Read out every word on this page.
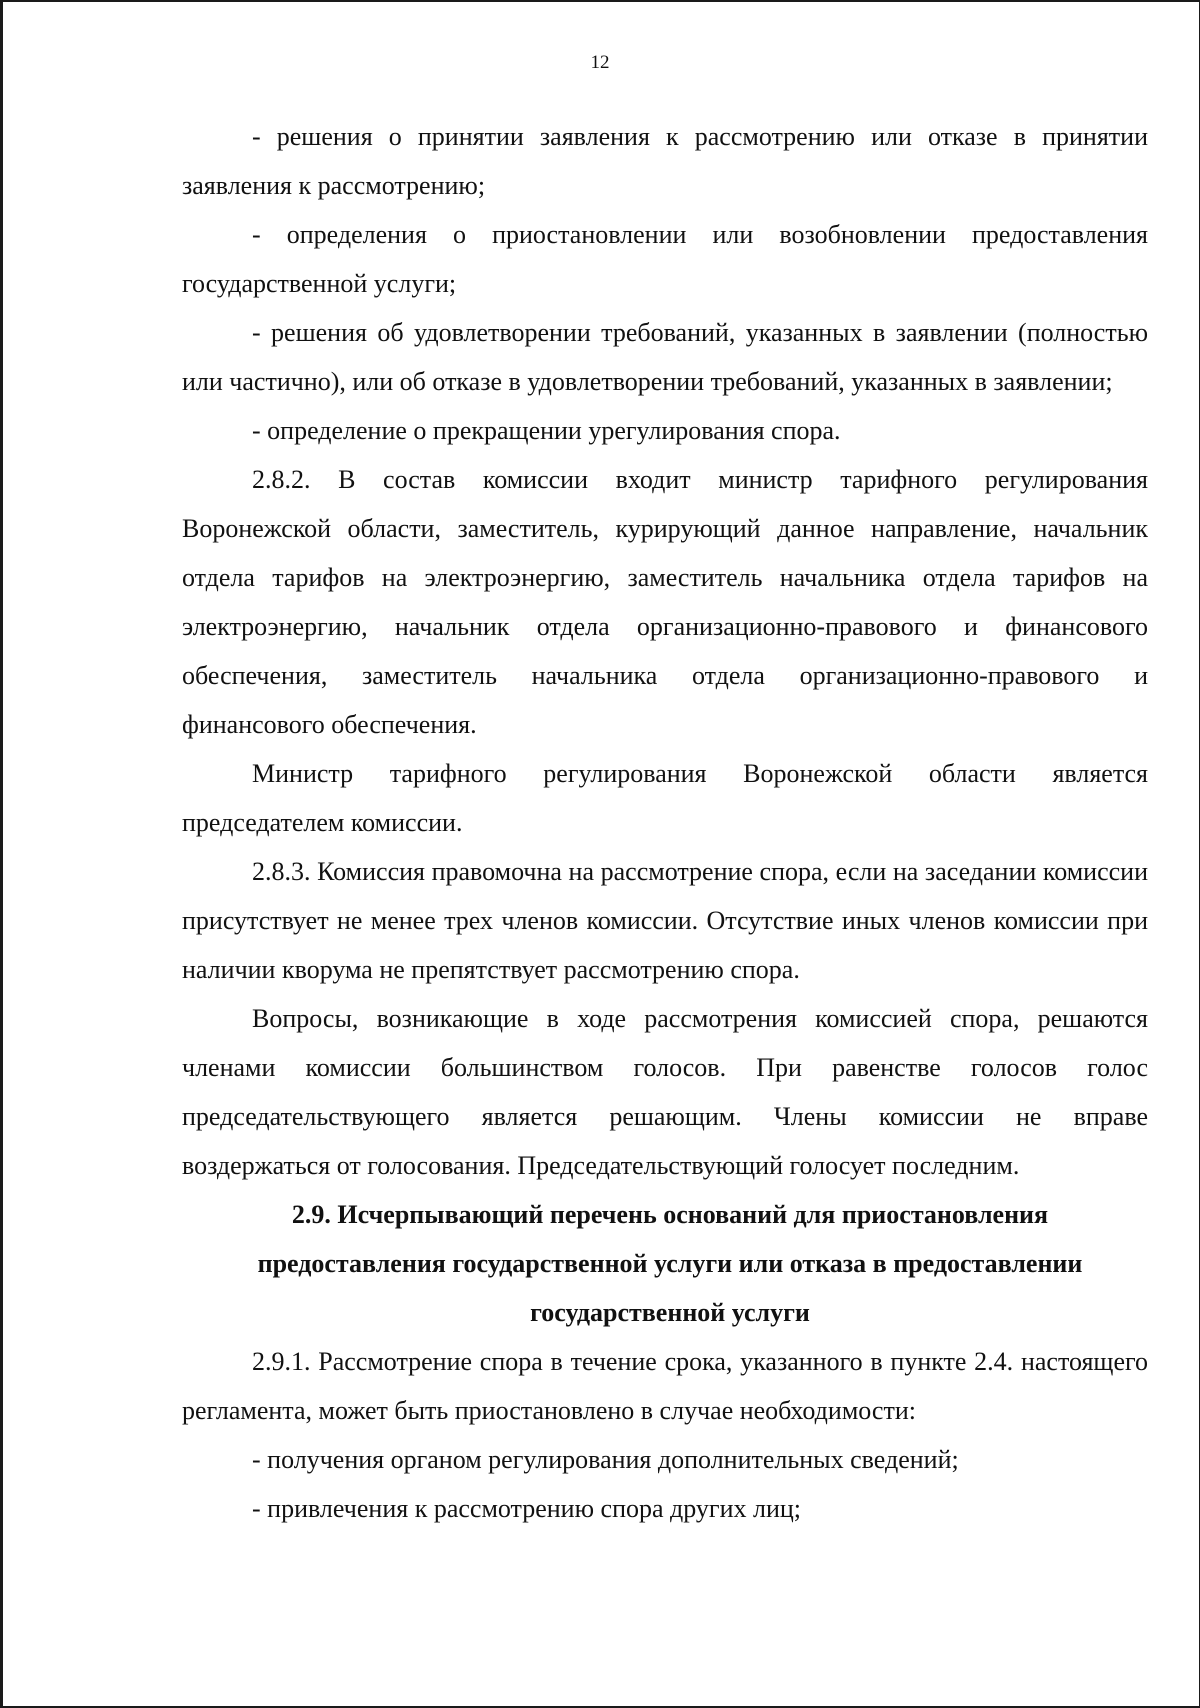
12

- решения о принятии заявления к рассмотрению или отказе в принятии заявления к рассмотрению;

- определения о приостановлении или возобновлении предоставления государственной услуги;

- решения об удовлетворении требований, указанных в заявлении (полностью или частично), или об отказе в удовлетворении требований, указанных в заявлении;

- определение о прекращении урегулирования спора.

2.8.2. В состав комиссии входит министр тарифного регулирования Воронежской области, заместитель, курирующий данное направление, начальник отдела тарифов на электроэнергию, заместитель начальника отдела тарифов на электроэнергию, начальник отдела организационно-правового и финансового обеспечения, заместитель начальника отдела организационно-правового и финансового обеспечения.

Министр тарифного регулирования Воронежской области является председателем комиссии.

2.8.3. Комиссия правомочна на рассмотрение спора, если на заседании комиссии присутствует не менее трех членов комиссии. Отсутствие иных членов комиссии при наличии кворума не препятствует рассмотрению спора.

Вопросы, возникающие в ходе рассмотрения комиссией спора, решаются членами комиссии большинством голосов. При равенстве голосов голос председательствующего является решающим. Члены комиссии не вправе воздержаться от голосования. Председательствующий голосует последним.

2.9. Исчерпывающий перечень оснований для приостановления
предоставления государственной услуги или отказа в предоставлении
государственной услуги

2.9.1. Рассмотрение спора в течение срока, указанного в пункте 2.4. настоящего регламента, может быть приостановлено в случае необходимости:

- получения органом регулирования дополнительных сведений;

- привлечения к рассмотрению спора других лиц;
